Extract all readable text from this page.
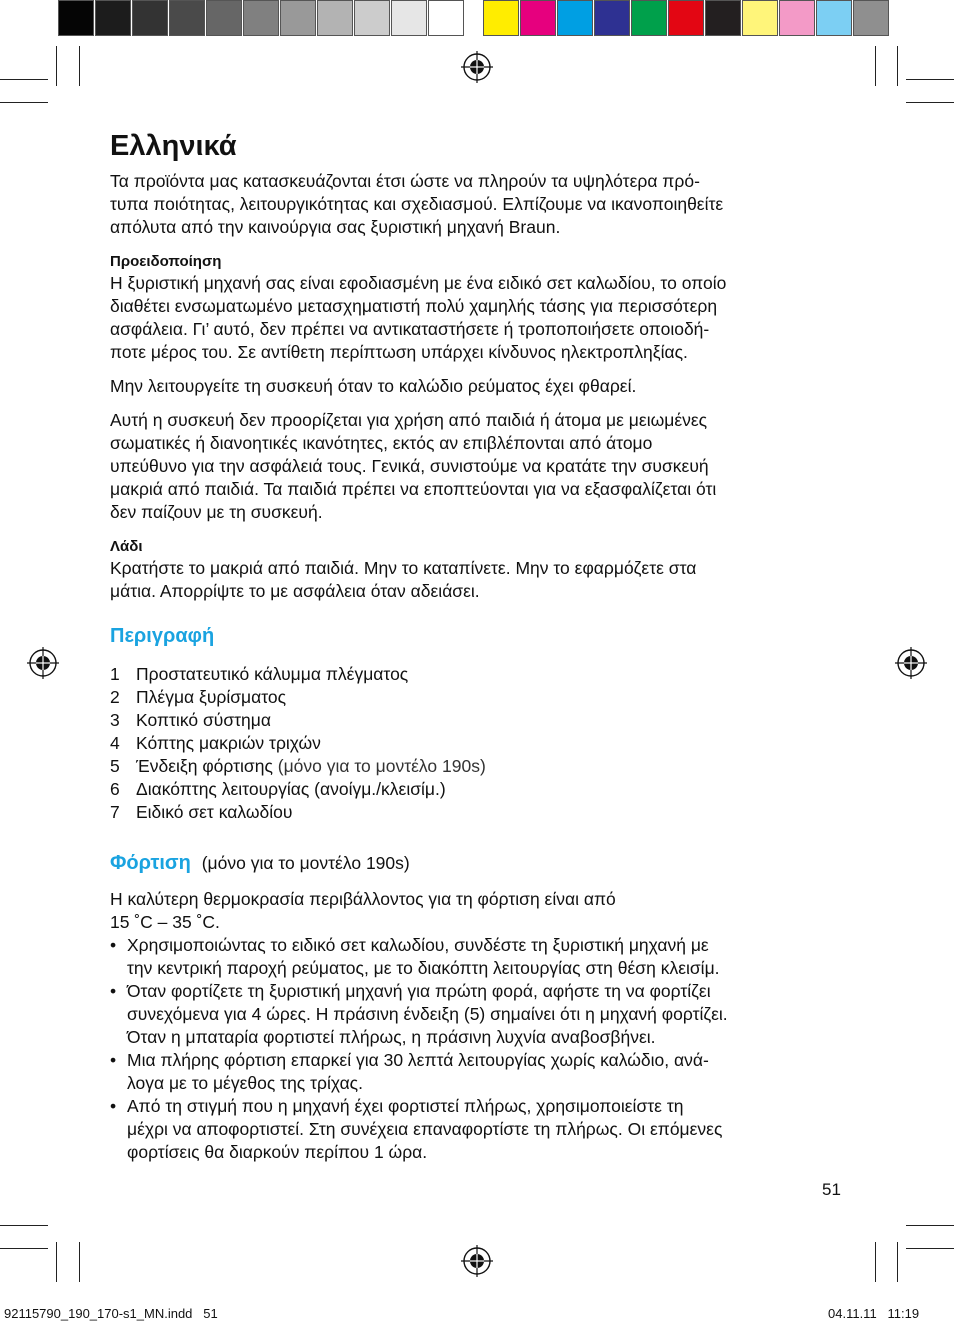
Ελληνικά

Τα προϊόντα μας κατασκευάζονται έτσι ώστε να πληρούν τα υψηλότερα πρό-

τυπα ποιότητας, λειτουργικότητας και σχεδιασμού. Ελπίζουμε να ικανοποιηθείτε

απόλυτα από την καινούργια σας ξυριστική μηχανή Braun.

Προειδοποίηση

Η ξυριστική μηχανή σας είναι εφοδιασμένη με ένα ειδικό σετ καλωδίου, το οποίο

διαθέτει ενσωματωμένο μετασχηματιστή πολύ χαμηλής τάσης για περισσότερη

ασφάλεια. Γι’ αυτό, δεν πρέπει να αντικαταστήσετε ή τροποποιήσετε οποιοδή-

ποτε μέρος του. Σε αντίθετη περίπτωση υπάρχει κίνδυνος ηλεκτροπληξίας.

Μην λειτουργείτε τη συσκευή όταν το καλώδιο ρεύματος έχει φθαρεί.

Αυτή η συσκευή δεν προορίζεται για χρήση από παιδιά ή άτομα με μειωμένες

σωματικές ή διανοητικές ικανότητες, εκτός αν επιβλέπονται από άτομο

υπεύθυνο για την ασφάλειά τους. Γενικά, συνιστούμε να κρατάτε την συσκευή

μακριά από παιδιά. Τα παιδιά πρέπει να εποπτεύονται για να εξασφαλίζεται ότι

δεν παίζουν με τη συσκευή.

Λάδι

Κρατήστε το μακριά από παιδιά. Μην το καταπίνετε. Μην το εφαρμόζετε στα

μάτια. Απορρίψτε το με ασφάλεια όταν αδειάσει.

Περιγραφή
1 Προστατευτικό κάλυμμα πλέγματος
2 Πλέγμα ξυρίσματος
3 Κοπτικό σύστημα
4 Κόπτης μακριών τριχών
5 Ένδειξη φόρτισης (μόνο για το μοντέλο 190s)
6 Διακόπτης λειτουργίας (ανοίγμ./κλεισίμ.)
7 Ειδικό σετ καλωδίου
Φόρτιση (μόνο για το μοντέλο 190s)

Η καλύτερη θερμοκρασία περιβάλλοντος για τη φόρτιση είναι από

15 ˚C – 35 ˚C.

• Χρησιμοποιώντας το ειδικό σετ καλωδίου, συνδέστε τη ξυριστική μηχανή με

την κεντρική παροχή ρεύματος, με το διακόπτη λειτουργίας στη θέση κλεισίμ.

• Όταν φορτίζετε τη ξυριστική μηχανή για πρώτη φορά, αφήστε τη να φορτίζει

συνεχόμενα για 4 ώρες. Η πράσινη ένδειξη (5) σημαίνει ότι η μηχανή φορτίζει.

Όταν η μπαταρία φορτιστεί πλήρως, η πράσινη λυχνία αναβοσβήνει.

• Μια πλήρης φόρτιση επαρκεί για 30 λεπτά λειτουργίας χωρίς καλώδιο, ανά-

λογα με το μέγεθος της τρίχας.

• Από τη στιγμή που η μηχανή έχει φορτιστεί πλήρως, χρησιμοποιείστε τη

μέχρι να αποφορτιστεί. Στη συνέχεια επαναφορτίστε τη πλήρως. Οι επόμενες

φορτίσεις θα διαρκούν περίπου 1 ώρα.

51
92115790_190_170-s1_MN.indd   51	04.11.11   11:19
